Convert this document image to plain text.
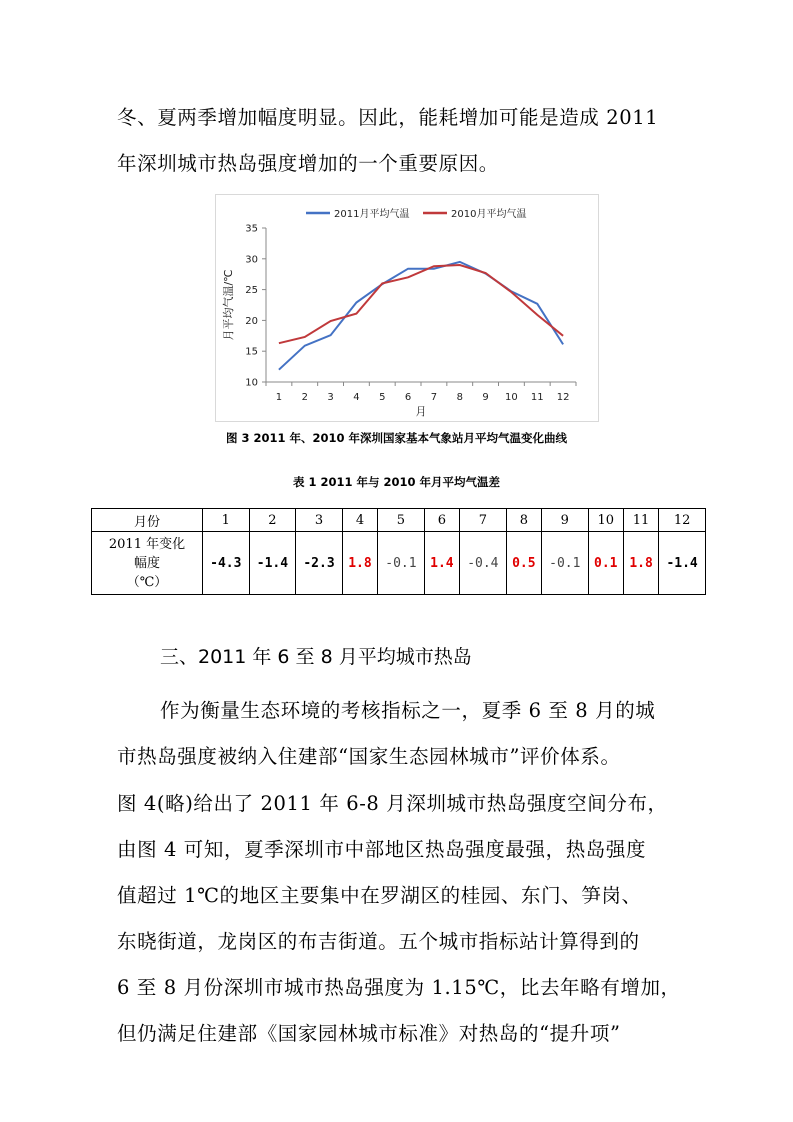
冬、夏两季增加幅度明显。因此，能耗增加可能是造成 2011

年深圳城市热岛强度增加的一个重要原因。

10
15
20
25
30
35
1 2 3 4 5 6 7 8 9 10 11 12
月
月平均气温/℃
2011月平均气温	2010月平均气温
图 3 2011 年、2010 年深圳国家基本气象站月平均气温变化曲线
表 1 2011 年与 2010 年月平均气温差
月份	1	2	3	4	5	6	7	8	9	10	11	12

2011 年变化
幅度
（℃）	-4.3	-1.4	-2.3	1.8	-0.1	1.4	-0.4	0.5	-0.1	0.1	1.8	-1.4
三、2011 年 6 至 8 月平均城市热岛

作为衡量生态环境的考核指标之一，夏季 6 至 8 月的城

市热岛强度被纳入住建部“国家生态园林城市”评价体系。

图 4(略)给出了 2011 年 6-8 月深圳城市热岛强度空间分布，

由图 4 可知，夏季深圳市中部地区热岛强度最强，热岛强度

值超过 1℃的地区主要集中在罗湖区的桂园、东门、笋岗、

东晓街道，龙岗区的布吉街道。五个城市指标站计算得到的

6 至 8 月份深圳市城市热岛强度为 1.15℃，比去年略有增加，

但仍满足住建部《国家园林城市标准》对热岛的“提升项”
